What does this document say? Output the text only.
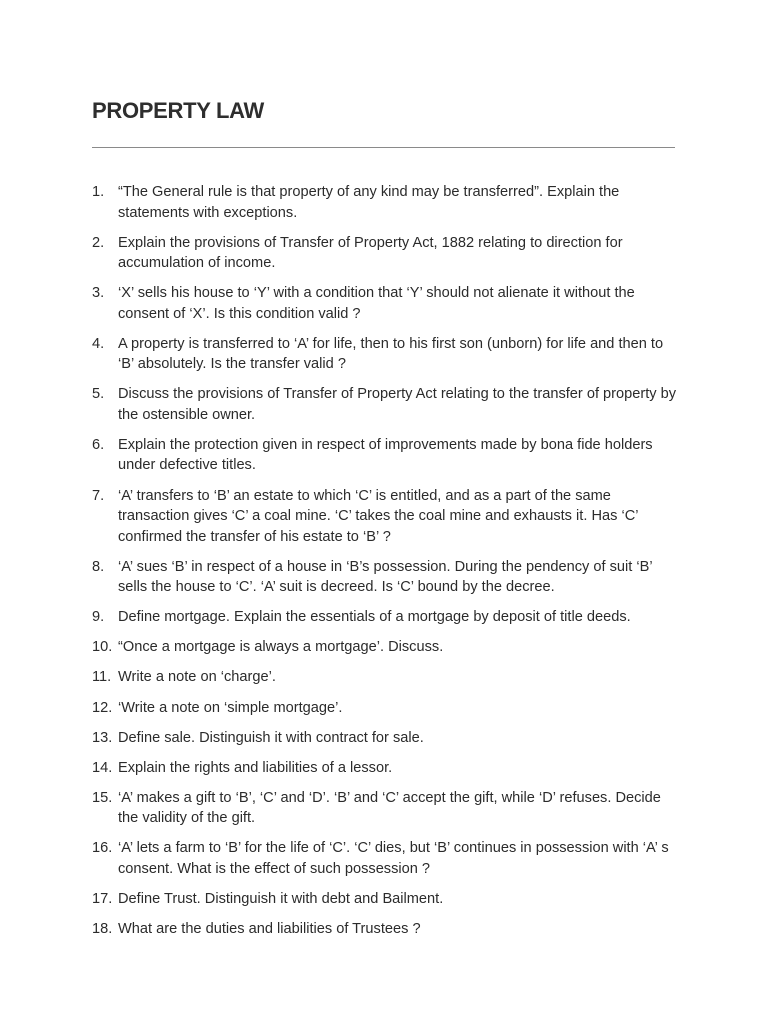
PROPERTY LAW
1. “The General rule is that property of any kind may be transferred”. Explain the statements with exceptions.
2. Explain the provisions of Transfer of Property Act, 1882 relating to direction for accumulation of income.
3. ‘X’ sells his house to ‘Y’ with a condition that ‘Y’ should not alienate it without the consent of ‘X’. Is this condition valid ?
4. A property is transferred to ‘A’ for life, then to his first son (unborn) for life and then to ‘B’ absolutely. Is the transfer valid ?
5. Discuss the provisions of Transfer of Property Act relating to the transfer of property by the ostensible owner.
6. Explain the protection given in respect of improvements made by bona fide holders under defective titles.
7. ‘A’ transfers to ‘B’ an estate to which ‘C’ is entitled, and as a part of the same transaction gives ‘C’ a coal mine. ‘C’ takes the coal mine and exhausts it. Has ‘C’ confirmed the transfer of his estate to ‘B’ ?
8. ‘A’ sues ‘B’ in respect of a house in ‘B’s possession. During the pendency of suit ‘B’ sells the house to ‘C’. ‘A’ suit is decreed. Is ‘C’ bound by the decree.
9. Define mortgage. Explain the essentials of a mortgage by deposit of title deeds.
10. “Once a mortgage is always a mortgage’. Discuss.
11. Write a note on ‘charge’.
12. ‘Write a note on ‘simple mortgage’.
13. Define sale. Distinguish it with contract for sale.
14. Explain the rights and liabilities of a lessor.
15. ‘A’ makes a gift to ‘B’, ‘C’ and ‘D’. ‘B’ and ‘C’ accept the gift, while ‘D’ refuses. Decide the validity of the gift.
16. ‘A’ lets a farm to ‘B’ for the life of ‘C’. ‘C’ dies, but ‘B’ continues in possession with ‘A’ s consent. What is the effect of such possession ?
17. Define Trust. Distinguish it with debt and Bailment.
18. What are the duties and liabilities of Trustees ?
